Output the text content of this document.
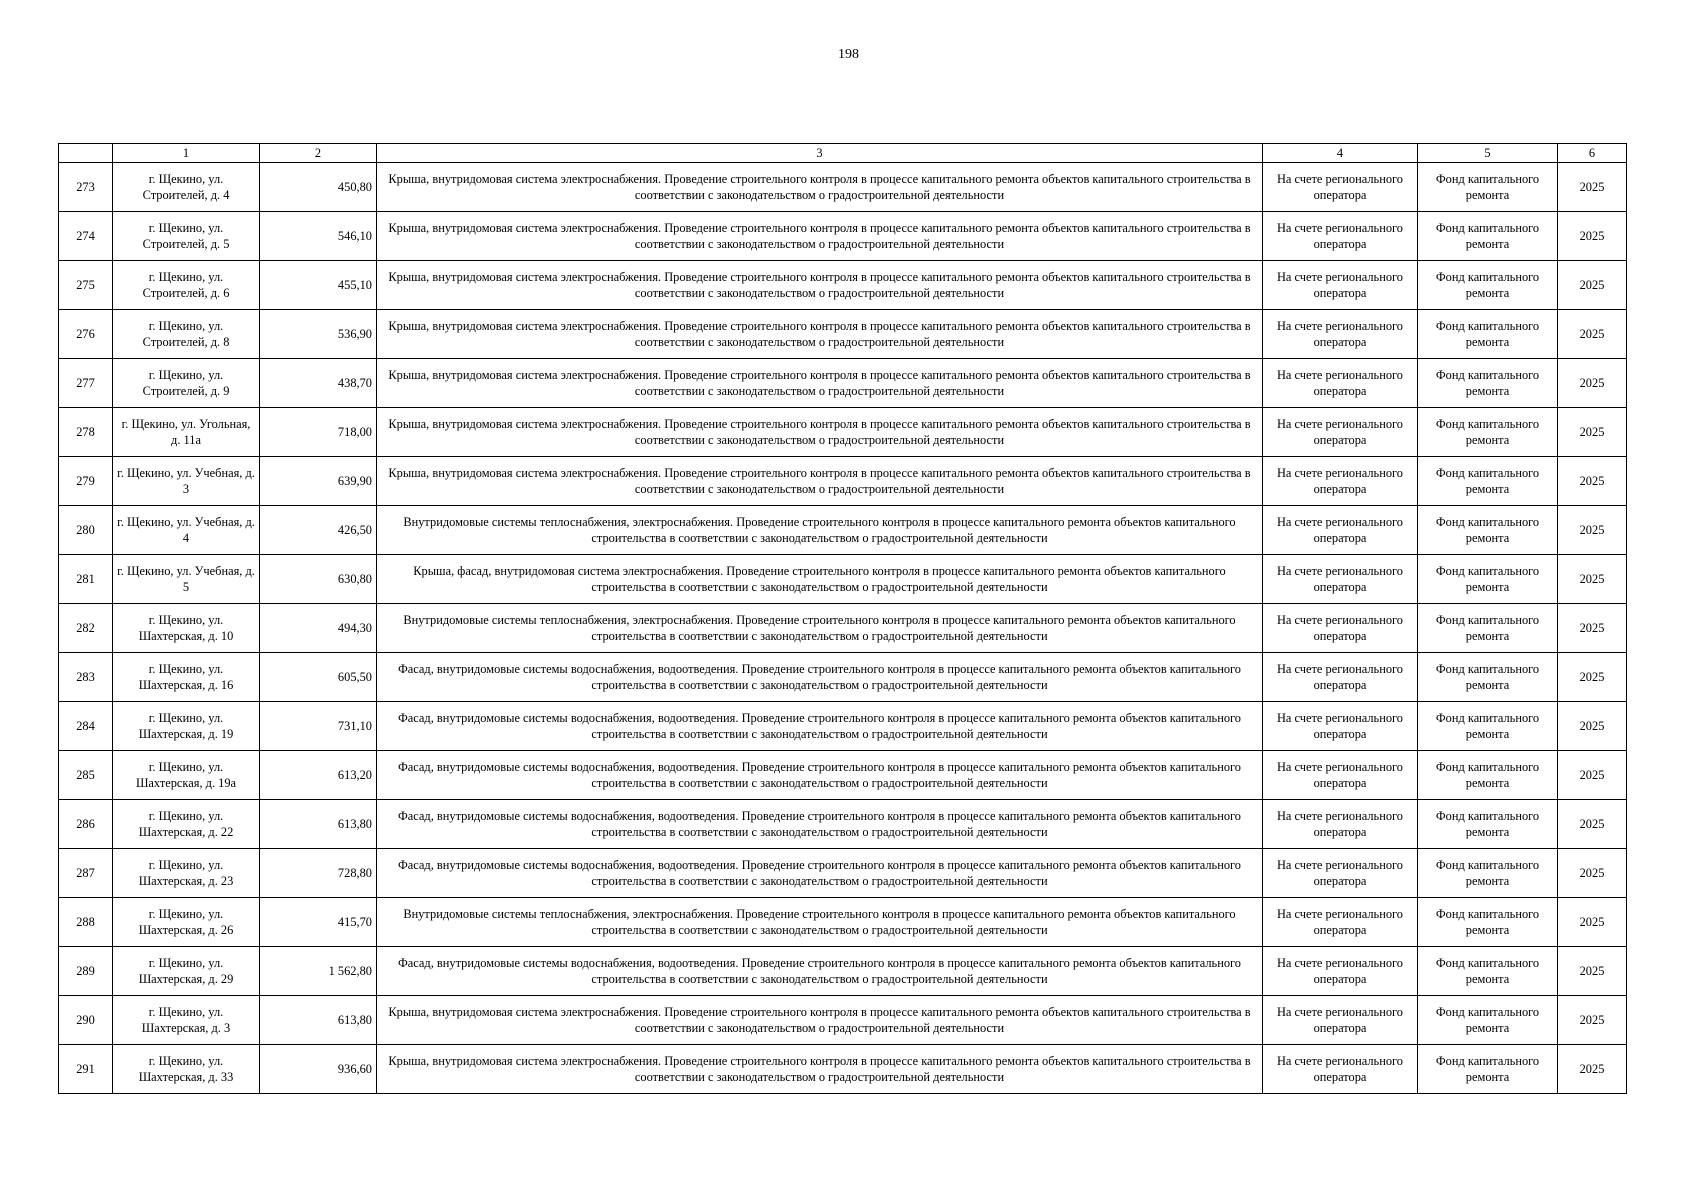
198
	1	2	3	4	5	6
273	г. Щекино, ул. Строителей, д. 4	450,80	Крыша, внутридомовая система электроснабжения. Проведение строительного контроля в процессе капитального ремонта объектов капитального строительства в соответствии с законодательством о градостроительной деятельности	На счете регионального оператора	Фонд капитального ремонта	2025
274	г. Щекино, ул. Строителей, д. 5	546,10	Крыша, внутридомовая система электроснабжения. Проведение строительного контроля в процессе капитального ремонта объектов капитального строительства в соответствии с законодательством о градостроительной деятельности	На счете регионального оператора	Фонд капитального ремонта	2025
275	г. Щекино, ул. Строителей, д. 6	455,10	Крыша, внутридомовая система электроснабжения. Проведение строительного контроля в процессе капитального ремонта объектов капитального строительства в соответствии с законодательством о градостроительной деятельности	На счете регионального оператора	Фонд капитального ремонта	2025
276	г. Щекино, ул. Строителей, д. 8	536,90	Крыша, внутридомовая система электроснабжения. Проведение строительного контроля в процессе капитального ремонта объектов капитального строительства в соответствии с законодательством о градостроительной деятельности	На счете регионального оператора	Фонд капитального ремонта	2025
277	г. Щекино, ул. Строителей, д. 9	438,70	Крыша, внутридомовая система электроснабжения. Проведение строительного контроля в процессе капитального ремонта объектов капитального строительства в соответствии с законодательством о градостроительной деятельности	На счете регионального оператора	Фонд капитального ремонта	2025
278	г. Щекино, ул. Угольная, д. 11а	718,00	Крыша, внутридомовая система электроснабжения. Проведение строительного контроля в процессе капитального ремонта объектов капитального строительства в соответствии с законодательством о градостроительной деятельности	На счете регионального оператора	Фонд капитального ремонта	2025
279	г. Щекино, ул. Учебная, д. 3	639,90	Крыша, внутридомовая система электроснабжения. Проведение строительного контроля в процессе капитального ремонта объектов капитального строительства в соответствии с законодательством о градостроительной деятельности	На счете регионального оператора	Фонд капитального ремонта	2025
280	г. Щекино, ул. Учебная, д. 4	426,50	Внутридомовые системы теплоснабжения, электроснабжения. Проведение строительного контроля в процессе капитального ремонта объектов капитального строительства в соответствии с законодательством о градостроительной деятельности	На счете регионального оператора	Фонд капитального ремонта	2025
281	г. Щекино, ул. Учебная, д. 5	630,80	Крыша, фасад, внутридомовая система электроснабжения. Проведение строительного контроля в процессе капитального ремонта объектов капитального строительства в соответствии с законодательством о градостроительной деятельности	На счете регионального оператора	Фонд капитального ремонта	2025
282	г. Щекино, ул. Шахтерская, д. 10	494,30	Внутридомовые системы теплоснабжения, электроснабжения. Проведение строительного контроля в процессе капитального ремонта объектов капитального строительства в соответствии с законодательством о градостроительной деятельности	На счете регионального оператора	Фонд капитального ремонта	2025
283	г. Щекино, ул. Шахтерская, д. 16	605,50	Фасад, внутридомовые системы водоснабжения, водоотведения. Проведение строительного контроля в процессе капитального ремонта объектов капитального строительства в соответствии с законодательством о градостроительной деятельности	На счете регионального оператора	Фонд капитального ремонта	2025
284	г. Щекино, ул. Шахтерская, д. 19	731,10	Фасад, внутридомовые системы водоснабжения, водоотведения. Проведение строительного контроля в процессе капитального ремонта объектов капитального строительства в соответствии с законодательством о градостроительной деятельности	На счете регионального оператора	Фонд капитального ремонта	2025
285	г. Щекино, ул. Шахтерская, д. 19а	613,20	Фасад, внутридомовые системы водоснабжения, водоотведения. Проведение строительного контроля в процессе капитального ремонта объектов капитального строительства в соответствии с законодательством о градостроительной деятельности	На счете регионального оператора	Фонд капитального ремонта	2025
286	г. Щекино, ул. Шахтерская, д. 22	613,80	Фасад, внутридомовые системы водоснабжения, водоотведения. Проведение строительного контроля в процессе капитального ремонта объектов капитального строительства в соответствии с законодательством о градостроительной деятельности	На счете регионального оператора	Фонд капитального ремонта	2025
287	г. Щекино, ул. Шахтерская, д. 23	728,80	Фасад, внутридомовые системы водоснабжения, водоотведения. Проведение строительного контроля в процессе капитального ремонта объектов капитального строительства в соответствии с законодательством о градостроительной деятельности	На счете регионального оператора	Фонд капитального ремонта	2025
288	г. Щекино, ул. Шахтерская, д. 26	415,70	Внутридомовые системы теплоснабжения, электроснабжения. Проведение строительного контроля в процессе капитального ремонта объектов капитального строительства в соответствии с законодательством о градостроительной деятельности	На счете регионального оператора	Фонд капитального ремонта	2025
289	г. Щекино, ул. Шахтерская, д. 29	1 562,80	Фасад, внутридомовые системы водоснабжения, водоотведения. Проведение строительного контроля в процессе капитального ремонта объектов капитального строительства в соответствии с законодательством о градостроительной деятельности	На счете регионального оператора	Фонд капитального ремонта	2025
290	г. Щекино, ул. Шахтерская, д. 3	613,80	Крыша, внутридомовая система электроснабжения. Проведение строительного контроля в процессе капитального ремонта объектов капитального строительства в соответствии с законодательством о градостроительной деятельности	На счете регионального оператора	Фонд капитального ремонта	2025
291	г. Щекино, ул. Шахтерская, д. 33	936,60	Крыша, внутридомовая система электроснабжения. Проведение строительного контроля в процессе капитального ремонта объектов капитального строительства в соответствии с законодательством о градостроительной деятельности	На счете регионального оператора	Фонд капитального ремонта	2025
